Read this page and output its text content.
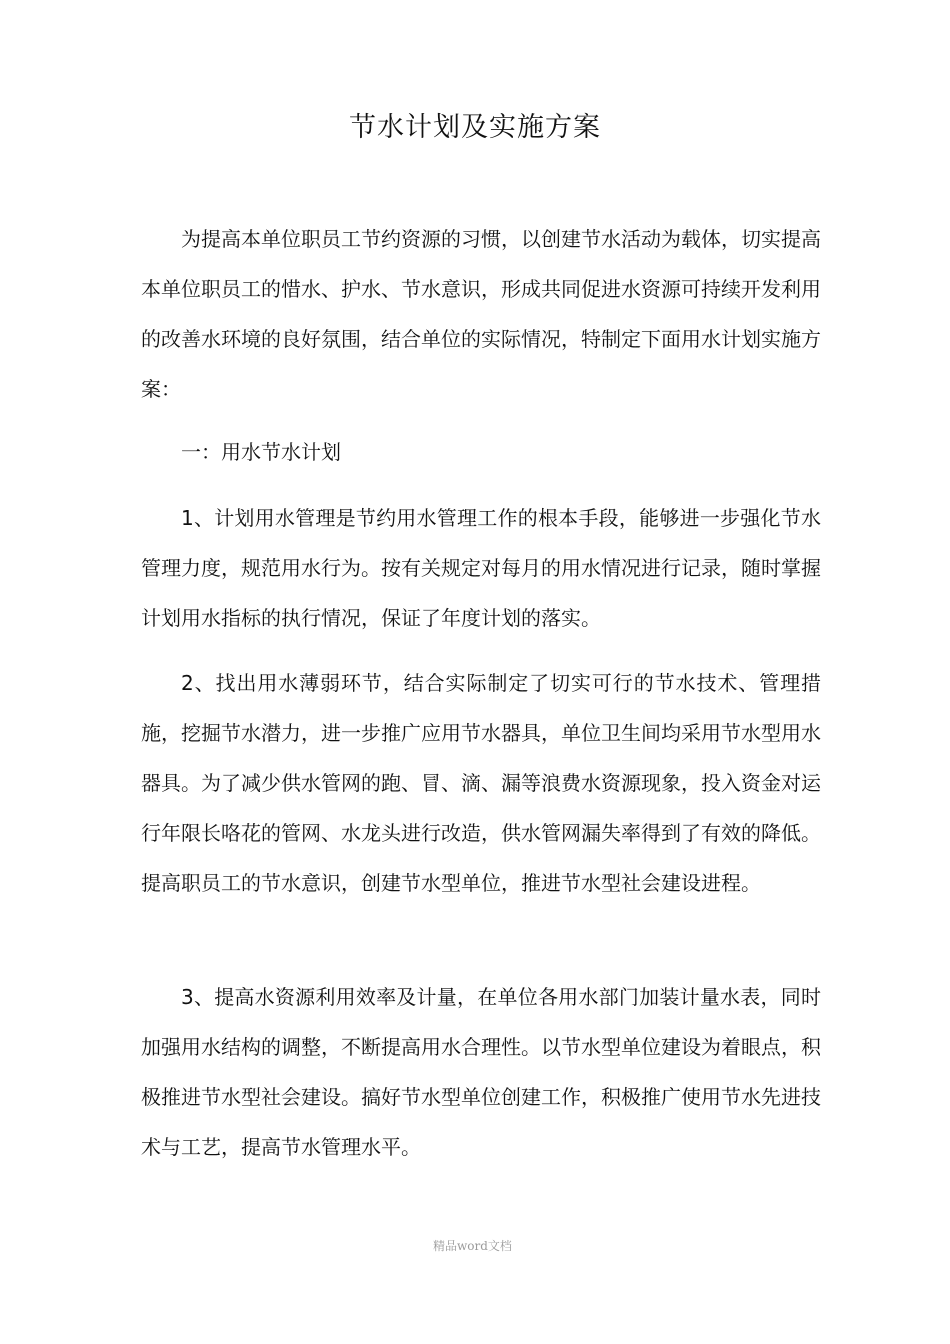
节水计划及实施方案

为提高本单位职员工节约资源的习惯，以创建节水活动为载体，切实提高本单位职员工的惜水、护水、节水意识，形成共同促进水资源可持续开发利用的改善水环境的良好氛围，结合单位的实际情况，特制定下面用水计划实施方案：

一：用水节水计划

1、计划用水管理是节约用水管理工作的根本手段，能够进一步强化节水管理力度，规范用水行为。按有关规定对每月的用水情况进行记录，随时掌握计划用水指标的执行情况，保证了年度计划的落实。

2、找出用水薄弱环节，结合实际制定了切实可行的节水技术、管理措施，挖掘节水潜力，进一步推广应用节水器具，单位卫生间均采用节水型用水器具。为了减少供水管网的跑、冒、滴、漏等浪费水资源现象，投入资金对运行年限长咯花的管网、水龙头进行改造，供水管网漏失率得到了有效的降低。提高职员工的节水意识，创建节水型单位，推进节水型社会建设进程。

3、提高水资源利用效率及计量，在单位各用水部门加装计量水表，同时加强用水结构的调整，不断提高用水合理性。以节水型单位建设为着眼点，积极推进节水型社会建设。搞好节水型单位创建工作，积极推广使用节水先进技术与工艺，提高节水管理水平。

精品word文档
